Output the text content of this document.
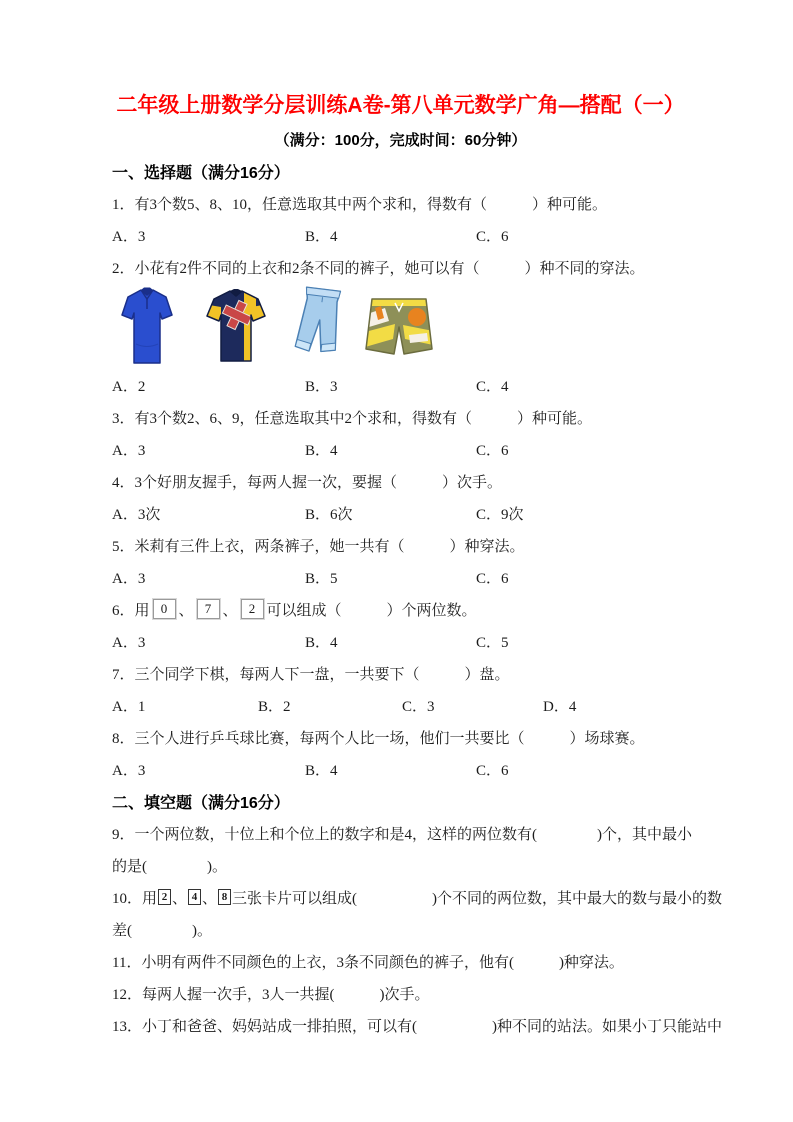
二年级上册数学分层训练A卷-第八单元数学广角—搭配（一）
（满分：100分，完成时间：60分钟）
一、选择题（满分16分）
1．有3个数5、8、10，任意选取其中两个求和，得数有（　　　）种可能。
A．3	B．4	C．6
2．小花有2件不同的上衣和2条不同的裤子，她可以有（　　　）种不同的穿法。
A．2	B．3	C．4
3．有3个数2、6、9，任意选取其中2个求和，得数有（　　　）种可能。
A．3	B．4	C．6
4．3个好朋友握手，每两人握一次，要握（　　　）次手。
A．3次	B．6次	C．9次
5．米莉有三件上衣，两条裤子，她一共有（　　　）种穿法。
A．3	B．5	C．6
6．用 0 、 7 、 2 可以组成（　　　）个两位数。
A．3	B．4	C．5
7．三个同学下棋，每两人下一盘，一共要下（　　　）盘。
A．1	B．2	C．3	D．4
8．三个人进行乒乓球比赛，每两个人比一场，他们一共要比（　　　）场球赛。
A．3	B．4	C．6
二、填空题（满分16分）
9．一个两位数，十位上和个位上的数字和是4，这样的两位数有(　　　　)个，其中最小
的是(　　　　)。
10．用 2 、 4 、 8 三张卡片可以组成(　　　　　)个不同的两位数，其中最大的数与最小的数
差(　　　　)。
11．小明有两件不同颜色的上衣，3条不同颜色的裤子，他有(　　　)种穿法。
12．每两人握一次手，3人一共握(　　　)次手。
13．小丁和爸爸、妈妈站成一排拍照，可以有(　　　　　)种不同的站法。如果小丁只能站中
